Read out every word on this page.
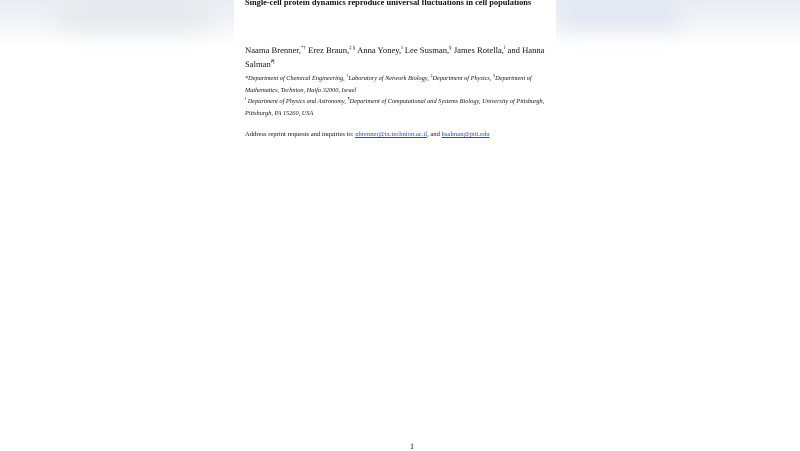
Single-cell protein dynamics reproduce universal fluctuations in cell populations
Naama Brenner,*† Erez Braun,‡ § Anna Yoney,‖ Lee Susman,§ James Rotella,‖ and Hanna Salman‖¶
*Department of Chemical Engineering, †Laboratory of Network Biology, ‡Department of Physics, §Department of Mathematics, Technion, Haifa 32000, Israel
‖ Department of Physics and Astronomy, ¶Department of Computational and Systems Biology, University of Pittsburgh, Pittsburgh, PA 15260, USA
Address reprint requests and inquiries to: nbrenner@tx.technion.ac.il, and hsalman@pitt.edu
1
